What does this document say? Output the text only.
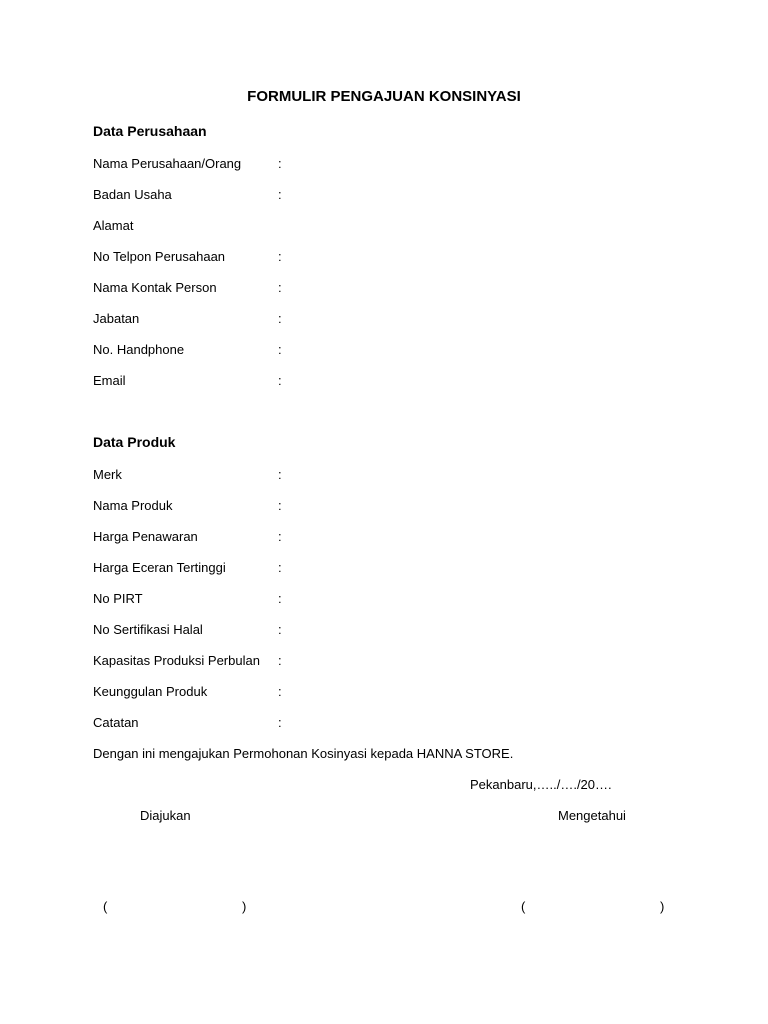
FORMULIR PENGAJUAN KONSINYASI
Data Perusahaan
Nama Perusahaan/Orang	:
Badan Usaha	:
Alamat
No Telpon Perusahaan	:
Nama Kontak Person	:
Jabatan	:
No. Handphone	:
Email	:
Data Produk
Merk	:
Nama Produk	:
Harga Penawaran	:
Harga Eceran Tertinggi	:
No PIRT	:
No Sertifikasi Halal	:
Kapasitas Produksi Perbulan :
Keunggulan Produk	:
Catatan	:
Dengan ini mengajukan Permohonan Kosinyasi kepada HANNA STORE.
Pekanbaru,…../…./20….
Diajukan	Mengetahui
(	)	(	)
